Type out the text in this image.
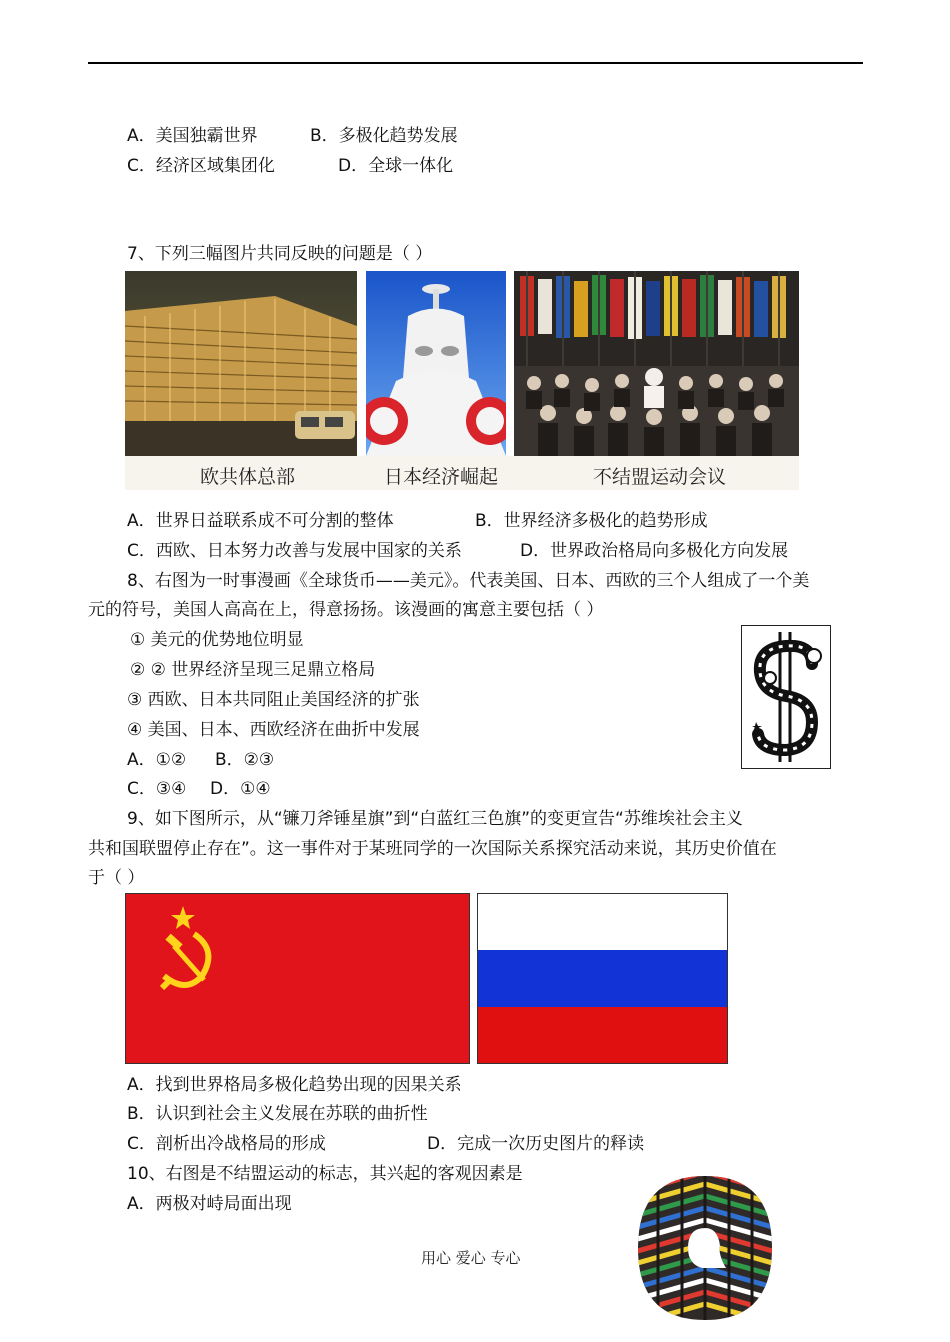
A．美国独霸世界	B．多极化趋势发展
C．经济区域集团化	D．全球一体化
7、下列三幅图片共同反映的问题是（ ）
欧共体总部	日本经济崛起	不结盟运动会议
A．世界日益联系成不可分割的整体	B．世界经济多极化的趋势形成
C．西欧、日本努力改善与发展中国家的关系	D．世界政治格局向多极化方向发展
8、右图为一时事漫画《全球货币——美元》。代表美国、日本、西欧的三个人组成了一个美
元的符号，美国人高高在上，得意扬扬。该漫画的寓意主要包括（ ）
① 美元的优势地位明显
② ② 世界经济呈现三足鼎立格局
③ 西欧、日本共同阻止美国经济的扩张
④ 美国、日本、西欧经济在曲折中发展
A．①② B．②③
C．③④ D．①④
9、如下图所示，从“镰刀斧锤星旗”到“白蓝红三色旗”的变更宣告“苏维埃社会主义
共和国联盟停止存在”。这一事件对于某班同学的一次国际关系探究活动来说，其历史价值在
于（ ）
A．找到世界格局多极化趋势出现的因果关系
B．认识到社会主义发展在苏联的曲折性
C．剖析出冷战格局的形成	D．完成一次历史图片的释读
10、右图是不结盟运动的标志，其兴起的客观因素是
A．两极对峙局面出现
用心 爱心 专心
